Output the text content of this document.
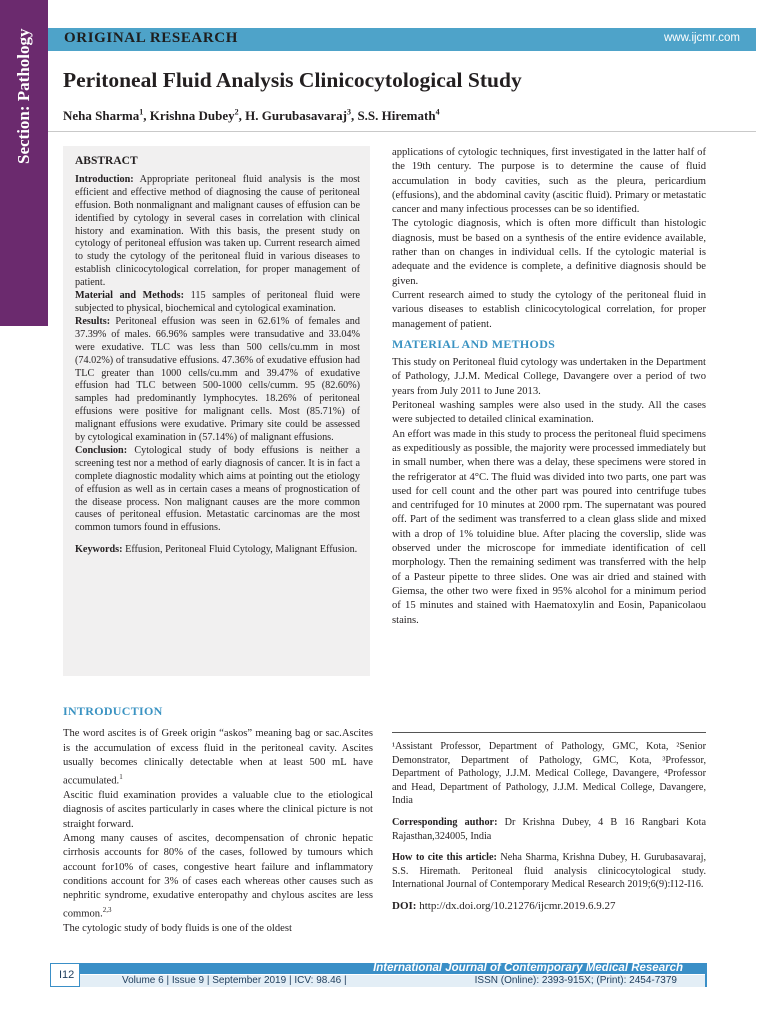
Section: Pathology	ORIGINAL RESEARCH	www.ijcmr.com
Peritoneal Fluid Analysis Clinicocytological Study
Neha Sharma$^1$, Krishna Dubey$^2$, H. Gurubasavaraj$^3$, S.S. Hiremath$^4$

ABSTRACT

Introduction: Appropriate peritoneal fluid analysis is the most efficient and effective method of diagnosing the cause of peritoneal effusion. Both nonmalignant and malignant causes of effusion can be identified by cytology in several cases in correlation with clinical history and examination. With this basis, the present study on cytology of peritoneal effusion was taken up. Current research aimed to study the cytology of the peritoneal fluid in various diseases to establish clinicocytological correlation, for proper management of patient.

Material and Methods: 115 samples of peritoneal fluid were subjected to physical, biochemical and cytological examination.

Results: Peritoneal effusion was seen in 62.61% of females and 37.39% of males. 66.96% samples were transudative and 33.04% were exudative. TLC was less than 500 cells/cu.mm in most (74.02%) of transudative effusions. 47.36% of exudative effusion had TLC greater than 1000 cells/cu.mm and 39.47% of exudative effusion had TLC between 500-1000 cells/cumm. 95 (82.60%) samples had predominantly lymphocytes. 18.26% of peritoneal effusions were positive for malignant cells. Most (85.71%) of malignant effusions were exudative. Primary site could be assessed by cytological examination in (57.14%) of malignant effusions.

Conclusion: Cytological study of body effusions is neither a screening test nor a method of early diagnosis of cancer. It is in fact a complete diagnostic modality which aims at pointing out the etiology of effusion as well as in certain cases a means of prognostication of the disease process. Non malignant causes are the more common causes of peritoneal effusion. Metastatic carcinomas are the most common tumors found in effusions.

Keywords: Effusion, Peritoneal Fluid Cytology, Malignant Effusion.

INTRODUCTION

The word ascites is of Greek origin “askos” meaning bag or sac.Ascites is the accumulation of excess fluid in the peritoneal cavity. Ascites usually becomes clinically detectable when at least 500 mL have accumulated.$^1$

Ascitic fluid examination provides a valuable clue to the etiological diagnosis of ascites particularly in cases where the clinical picture is not straight forward.

Among many causes of ascites, decompensation of chronic hepatic cirrhosis accounts for 80% of the cases, followed by tumours which account for10% of cases, congestive heart failure and inflammatory conditions account for 3% of cases each whereas other causes such as nephritic syndrome, exudative enteropathy and chylous ascites are less common.$^{2,3}$

The cytologic study of body fluids is one of the oldest

applications of cytologic techniques, first investigated in the latter half of the 19th century. The purpose is to determine the cause of fluid accumulation in body cavities, such as the pleura, pericardium (effusions), and the abdominal cavity (ascitic fluid). Primary or metastatic cancer and many infectious processes can be so identified.

The cytologic diagnosis, which is often more difficult than histologic diagnosis, must be based on a synthesis of the entire evidence available, rather than on changes in individual cells. If the cytologic material is adequate and the evidence is complete, a definitive diagnosis should be given.

Current research aimed to study the cytology of the peritoneal fluid in various diseases to establish clinicocytological correlation, for proper management of patient.

MATERIAL AND METHODS

This study on Peritoneal fluid cytology was undertaken in the Department of Pathology, J.J.M. Medical College, Davangere over a period of two years from July 2011 to June 2013.

Peritoneal washing samples were also used in the study. All the cases were subjected to detailed clinical examination.

An effort was made in this study to process the peritoneal fluid specimens as expeditiously as possible, the majority were processed immediately but in small number, when there was a delay, these specimens were stored in the refrigerator at 4°C. The fluid was divided into two parts, one part was used for cell count and the other part was poured into centrifuge tubes and centrifuged for 10 minutes at 2000 rpm. The supernatant was poured off. Part of the sediment was transferred to a clean glass slide and mixed with a drop of 1% toluidine blue. After placing the coverslip, slide was observed under the microscope for immediate identification of cell morphology. Then the remaining sediment was transferred with the help of a Pasteur pipette to three slides. One was air dried and stained with Giemsa, the other two were fixed in 95% alcohol for a minimum period of 15 minutes and stained with Haematoxylin and Eosin, Papanicolaou stains.

¹Assistant Professor, Department of Pathology, GMC, Kota, ²Senior Demonstrator, Department of Pathology, GMC, Kota, ³Professor, Department of Pathology, J.J.M. Medical College, Davangere, ⁴Professor and Head, Department of Pathology, J.J.M. Medical College, Davangere, India

Corresponding author: Dr Krishna Dubey, 4 B 16 Rangbari Kota Rajasthan,324005, India

How to cite this article: Neha Sharma, Krishna Dubey, H. Gurubasavaraj, S.S. Hiremath. Peritoneal fluid analysis clinicocytological study. International Journal of Contemporary Medical Research 2019;6(9):I12-I16.

DOI: http://dx.doi.org/10.21276/ijcmr.2019.6.9.27

International Journal of Contemporary Medical Research
Volume 6 | Issue 9 | September 2019 | ICV: 98.46 |	ISSN (Online): 2393-915X; (Print): 2454-7379
I12
